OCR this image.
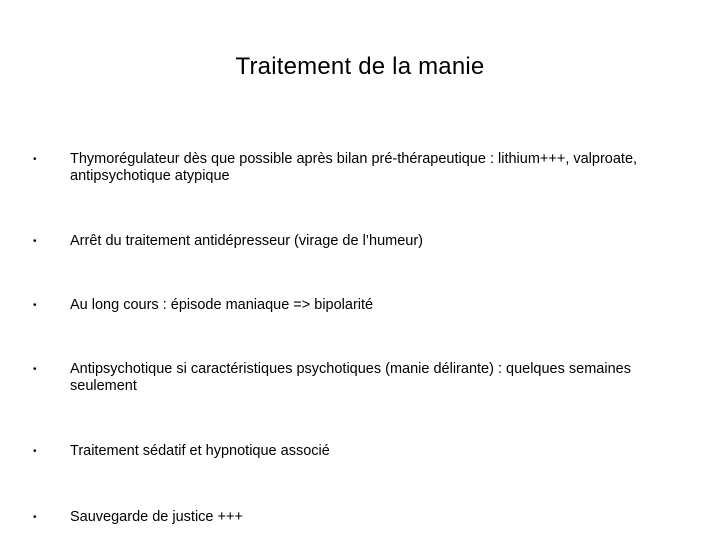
Traitement de la manie
•	Thymorégulateur dès que possible après bilan pré-thérapeutique : lithium+++, valproate, antipsychotique atypique
•	Arrêt du traitement antidépresseur (virage de l’humeur)
•	Au long cours : épisode maniaque => bipolarité
•	Antipsychotique si caractéristiques psychotiques (manie délirante) : quelques semaines seulement
•	Traitement sédatif et hypnotique associé
•	Sauvegarde de justice +++
